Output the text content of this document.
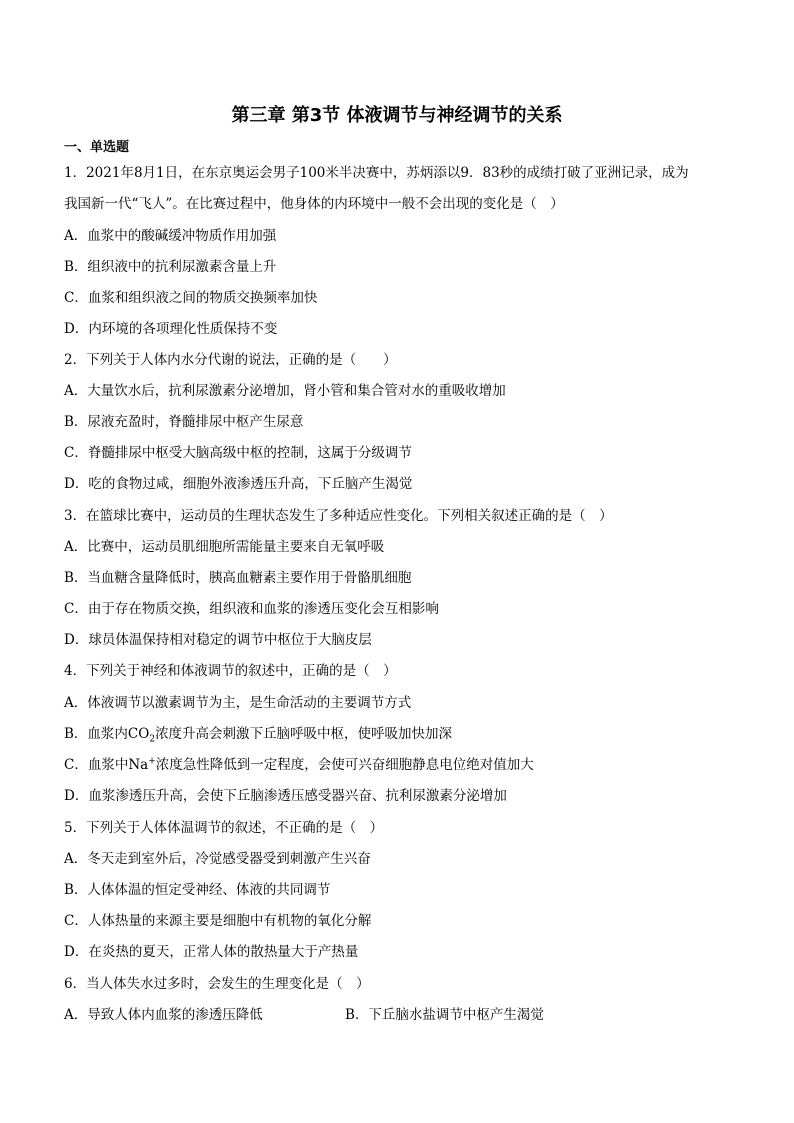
第三章 第3节 体液调节与神经调节的关系
一、单选题
1．2021年8月1日，在东京奥运会男子100米半决赛中，苏炳添以9．83秒的成绩打破了亚洲记录，成为
我国新一代“飞人”。在比赛过程中，他身体的内环境中一般不会出现的变化是（　）
A．血浆中的酸碱缓冲物质作用加强
B．组织液中的抗利尿激素含量上升
C．血浆和组织液之间的物质交换频率加快
D．内环境的各项理化性质保持不变
2．下列关于人体内水分代谢的说法，正确的是（　　）
A．大量饮水后，抗利尿激素分泌增加，肾小管和集合管对水的重吸收增加
B．尿液充盈时，脊髓排尿中枢产生尿意
C．脊髓排尿中枢受大脑高级中枢的控制，这属于分级调节
D．吃的食物过咸，细胞外液渗透压升高，下丘脑产生渴觉
3．在篮球比赛中，运动员的生理状态发生了多种适应性变化。下列相关叙述正确的是（　）
A．比赛中，运动员肌细胞所需能量主要来自无氧呼吸
B．当血糖含量降低时，胰高血糖素主要作用于骨骼肌细胞
C．由于存在物质交换，组织液和血浆的渗透压变化会互相影响
D．球员体温保持相对稳定的调节中枢位于大脑皮层
4．下列关于神经和体液调节的叙述中，正确的是（　）
A．体液调节以激素调节为主，是生命活动的主要调节方式
B．血浆内$CO_2$浓度升高会刺激下丘脑呼吸中枢，使呼吸加快加深
C．血浆中Na+浓度急性降低到一定程度，会使可兴奋细胞静息电位绝对值加大
D．血浆渗透压升高，会使下丘脑渗透压感受器兴奋、抗利尿激素分泌增加
5．下列关于人体体温调节的叙述，不正确的是（　）
A．冬天走到室外后，冷觉感受器受到刺激产生兴奋
B．人体体温的恒定受神经、体液的共同调节
C．人体热量的来源主要是细胞中有机物的氧化分解
D．在炎热的夏天，正常人体的散热量大于产热量
6．当人体失水过多时，会发生的生理变化是（　）
A．导致人体内血浆的渗透压降低	B．下丘脑水盐调节中枢产生渴觉
